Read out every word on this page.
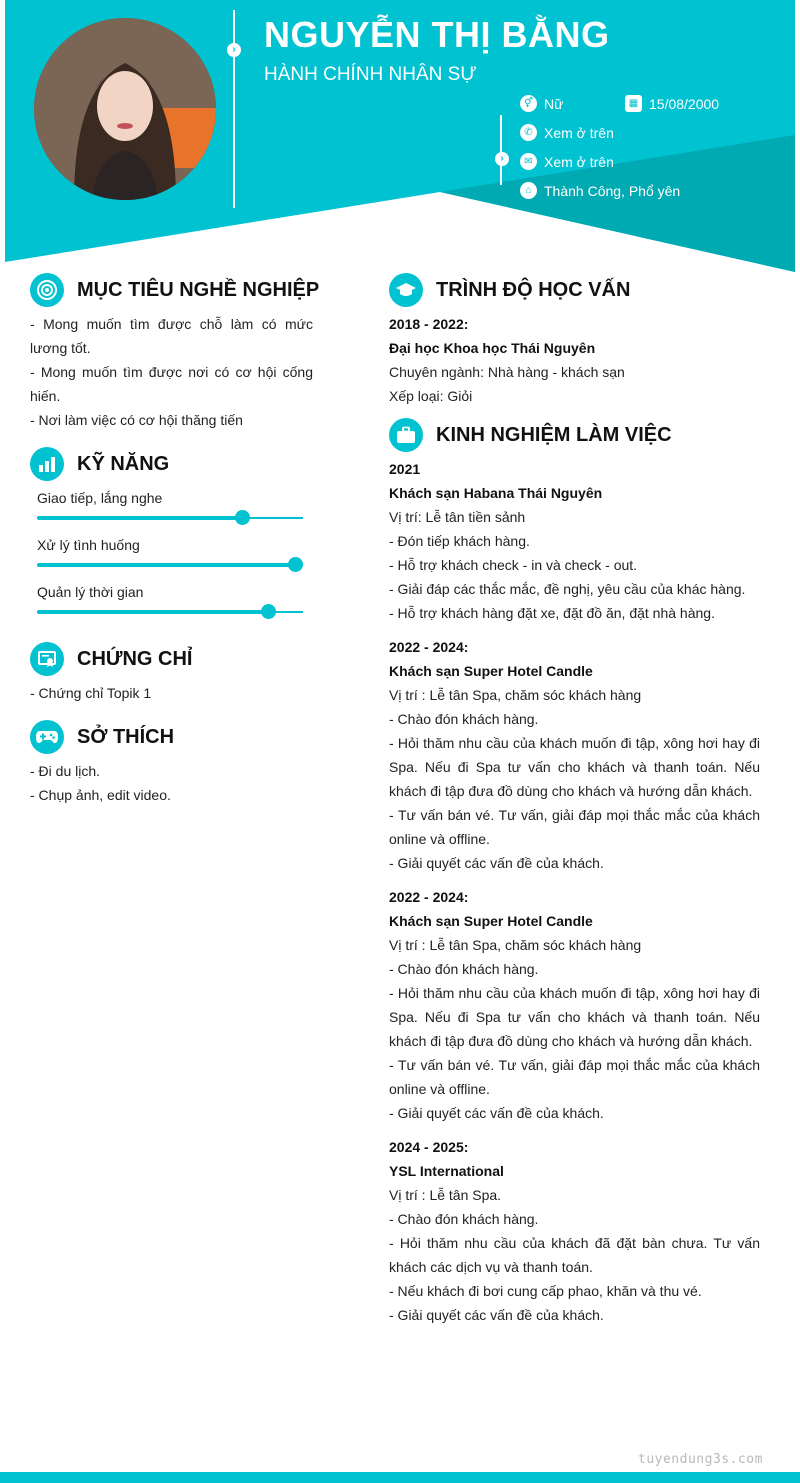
› NGUYỄN THỊ BẰNG
HÀNH CHÍNH NHÂN SỰ
›
⚥ Nữ	▦ 15/08/2000
✆ Xem ở trên
✉ Xem ở trên
⌂ Thành Công, Phổ yên
MỤC TIÊU NGHỀ NGHIỆP
- Mong muốn tìm được chỗ làm có mức lương tốt.
- Mong muốn tìm được nơi có cơ hội cống hiến.
- Nơi làm việc có cơ hội thăng tiến
KỸ NĂNG
Giao tiếp, lắng nghe
Xử lý tình huống
Quản lý thời gian
CHỨNG CHỈ
- Chứng chỉ Topik 1
SỞ THÍCH
- Đi du lịch.
- Chụp ảnh, edit video.
TRÌNH ĐỘ HỌC VẤN
2018 - 2022:
Đại học Khoa học Thái Nguyên
Chuyên ngành: Nhà hàng - khách sạn
Xếp loại: Giỏi
KINH NGHIỆM LÀM VIỆC
2021
Khách sạn Habana Thái Nguyên
Vị trí: Lễ tân tiền sảnh
- Đón tiếp khách hàng.
- Hỗ trợ khách check - in và check - out.
- Giải đáp các thắc mắc, đề nghị, yêu cầu của khác hàng.
- Hỗ trợ khách hàng đặt xe, đặt đồ ăn, đặt nhà hàng.
2022 - 2024:
Khách sạn Super Hotel Candle
Vị trí : Lễ tân Spa, chăm sóc khách hàng
- Chào đón khách hàng.
- Hỏi thăm nhu cầu của khách muốn đi tập, xông hơi hay đi Spa. Nếu đi Spa tư vấn cho khách và thanh toán. Nếu khách đi tập đưa đồ dùng cho khách và hướng dẫn khách.
- Tư vấn bán vé. Tư vấn, giải đáp mọi thắc mắc của khách online và offline.
- Giải quyết các vấn đề của khách.
2022 - 2024:
Khách sạn Super Hotel Candle
Vị trí : Lễ tân Spa, chăm sóc khách hàng
- Chào đón khách hàng.
- Hỏi thăm nhu cầu của khách muốn đi tập, xông hơi hay đi Spa. Nếu đi Spa tư vấn cho khách và thanh toán. Nếu khách đi tập đưa đồ dùng cho khách và hướng dẫn khách.
- Tư vấn bán vé. Tư vấn, giải đáp mọi thắc mắc của khách online và offline.
- Giải quyết các vấn đề của khách.
2024 - 2025:
YSL International
Vị trí : Lễ tân Spa.
- Chào đón khách hàng.
- Hỏi thăm nhu cầu của khách đã đặt bàn chưa. Tư vấn khách các dịch vụ và thanh toán.
- Nếu khách đi bơi cung cấp phao, khăn và thu vé.
- Giải quyết các vấn đề của khách.
tuyendung3s.com
